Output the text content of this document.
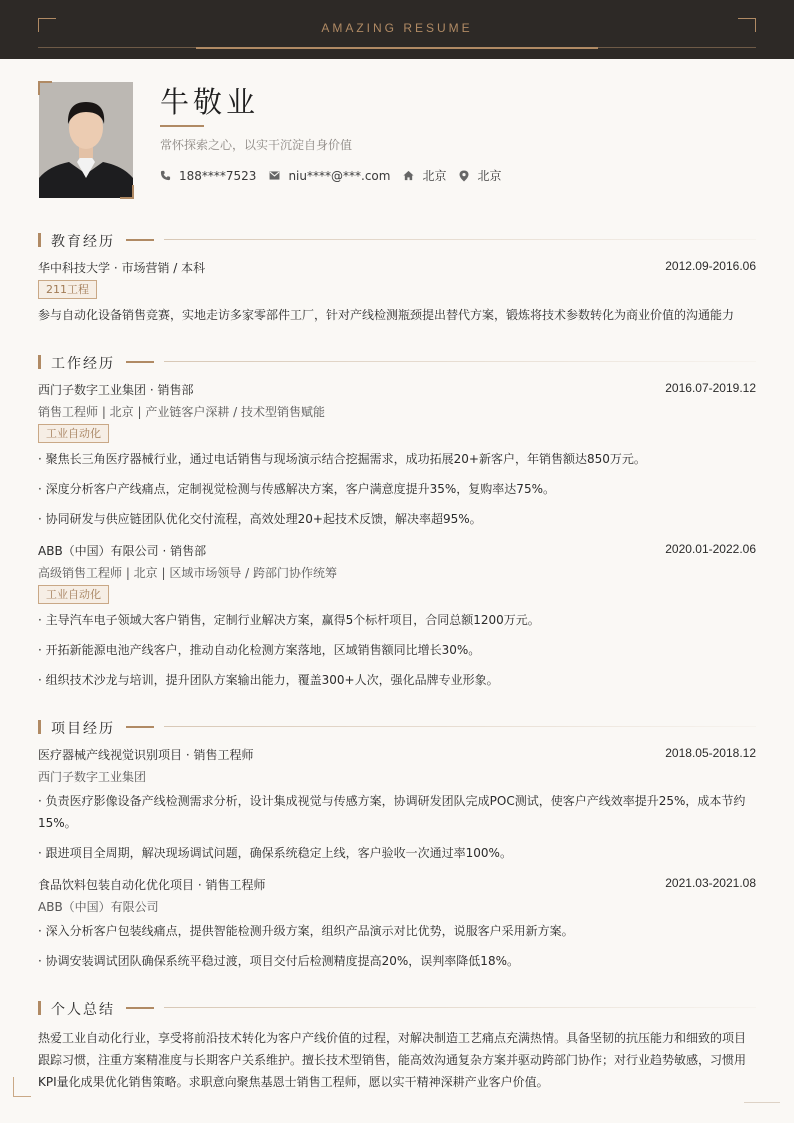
AMAZING RESUME
牛敬业
常怀探索之心，以实干沉淀自身价值
188****7523	niu****@***.com	北京	北京
教育经历
华中科技大学 · 市场营销 / 本科	2012.09-2016.06
211工程
参与自动化设备销售竞赛，实地走访多家零部件工厂，针对产线检测瓶颈提出替代方案，锻炼将技术参数转化为商业价值的沟通能力
工作经历
西门子数字工业集团 · 销售部	2016.07-2019.12
销售工程师 | 北京 | 产业链客户深耕 / 技术型销售赋能
工业自动化
· 聚焦长三角医疗器械行业，通过电话销售与现场演示结合挖掘需求，成功拓展20+新客户，年销售额达850万元。
· 深度分析客户产线痛点，定制视觉检测与传感解决方案，客户满意度提升35%，复购率达75%。
· 协同研发与供应链团队优化交付流程，高效处理20+起技术反馈，解决率超95%。
ABB（中国）有限公司 · 销售部	2020.01-2022.06
高级销售工程师 | 北京 | 区域市场领导 / 跨部门协作统筹
工业自动化
· 主导汽车电子领域大客户销售，定制行业解决方案，赢得5个标杆项目，合同总额1200万元。
· 开拓新能源电池产线客户，推动自动化检测方案落地，区域销售额同比增长30%。
· 组织技术沙龙与培训，提升团队方案输出能力，覆盖300+人次，强化品牌专业形象。
项目经历
医疗器械产线视觉识别项目 · 销售工程师	2018.05-2018.12
西门子数字工业集团
· 负责医疗影像设备产线检测需求分析，设计集成视觉与传感方案，协调研发团队完成POC测试，使客户产线效率提升25%，成本节约
15%。
· 跟进项目全周期，解决现场调试问题，确保系统稳定上线，客户验收一次通过率100%。
食品饮料包装自动化优化项目 · 销售工程师	2021.03-2021.08
ABB（中国）有限公司
· 深入分析客户包装线痛点，提供智能检测升级方案，组织产品演示对比优势，说服客户采用新方案。
· 协调安装调试团队确保系统平稳过渡，项目交付后检测精度提高20%，误判率降低18%。
个人总结
热爱工业自动化行业，享受将前沿技术转化为客户产线价值的过程，对解决制造工艺痛点充满热情。具备坚韧的抗压能力和细致的项目
跟踪习惯，注重方案精准度与长期客户关系维护。擅长技术型销售，能高效沟通复杂方案并驱动跨部门协作；对行业趋势敏感，习惯用
KPI量化成果优化销售策略。求职意向聚焦基恩士销售工程师，愿以实干精神深耕产业客户价值。
